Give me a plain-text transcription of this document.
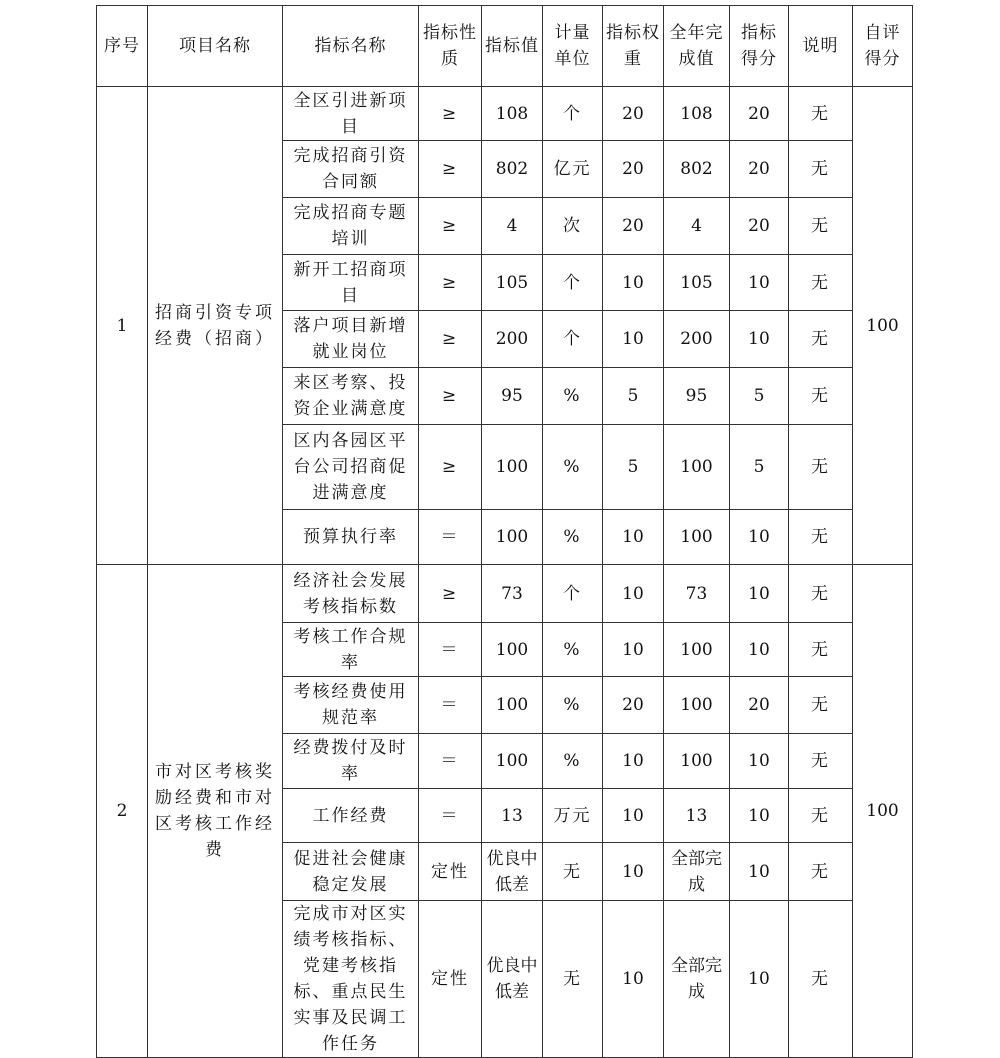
序号	项目名称	指标名称	指标性质	指标值	计量单位	指标权重	全年完成值	指标得分	说明	自评得分
1	招商引资专项经费（招商）	全区引进新项目	≥	108	个	20	108	20	无	100
		完成招商引资合同额	≥	802	亿元	20	802	20	无	
		完成招商专题培训	≥	4	次	20	4	20	无	
		新开工招商项目	≥	105	个	10	105	10	无	
		落户项目新增就业岗位	≥	200	个	10	200	10	无	
		来区考察、投资企业满意度	≥	95	%	5	95	5	无	
		区内各园区平台公司招商促进满意度	≥	100	%	5	100	5	无	
		预算执行率	＝	100	%	10	100	10	无	
2	市对区考核奖励经费和市对区考核工作经费	经济社会发展考核指标数	≥	73	个	10	73	10	无	100
		考核工作合规率	＝	100	%	10	100	10	无	
		考核经费使用规范率	＝	100	%	20	100	20	无	
		经费拨付及时率	＝	100	%	10	100	10	无	
		工作经费	＝	13	万元	10	13	10	无	
		促进社会健康稳定发展	定性	优良中低差	无	10	全部完成	10	无	
		完成市对区实绩考核指标、党建考核指标、重点民生实事及民调工作任务	定性	优良中低差	无	10	全部完成	10	无	
